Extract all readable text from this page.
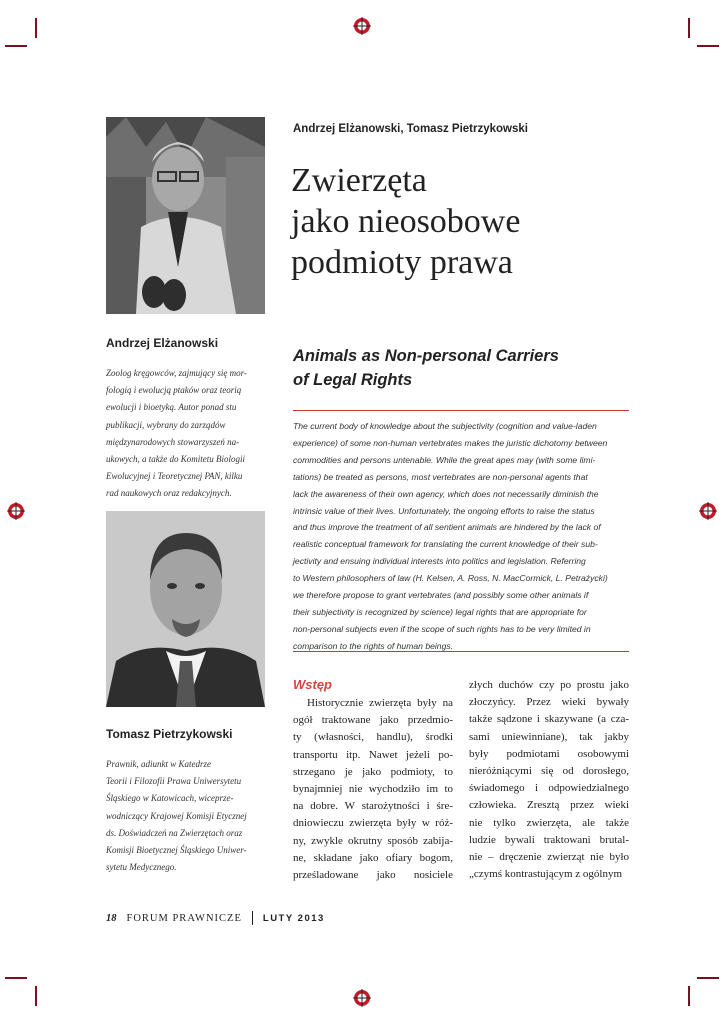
Andrzej Elżanowski, Tomasz Pietrzykowski
Zwierzęta
jako nieosobowe
podmioty prawa
Andrzej Elżanowski
Zoolog kręgowców, zajmujący się mor-
fologią i ewolucją ptaków oraz teorią
ewolucji i bioetyką. Autor ponad stu
publikacji, wybrany do zarządów
międzynarodowych stowarzyszeń na-
ukowych, a także do Komitetu Biologii
Ewolucyjnej i Teoretycznej PAN, kilku
rad naukowych oraz redakcyjnych.
Tomasz Pietrzykowski
Prawnik, adiunkt w Katedrze
Teorii i Filozofii Prawa Uniwersytetu
Śląskiego w Katowicach, wiceprze-
wodniczący Krajowej Komisji Etycznej
ds. Doświadczeń na Zwierzętach oraz
Komisji Bioetycznej Śląskiego Uniwer-
sytetu Medycznego.
Animals as Non-personal Carriers
of Legal Rights
The current body of knowledge about the subjectivity (cognition and value-laden
experience) of some non-human vertebrates makes the juristic dichotomy between
commodities and persons untenable. While the great apes may (with some limi-
tations) be treated as persons, most vertebrates are non-personal agents that
lack the awareness of their own agency, which does not necessarily diminish the
intrinsic value of their lives. Unfortunately, the ongoing efforts to raise the status
and thus improve the treatment of all sentient animals are hindered by the lack of
realistic conceptual framework for translating the current knowledge of their sub-
jectivity and ensuing individual interests into politics and legislation. Referring
to Western philosophers of law (H. Kelsen, A. Ross, N. MacCormick, L. Petrażycki)
we therefore propose to grant vertebrates (and possibly some other animals if
their subjectivity is recognized by science) legal rights that are appropriate for
non-personal subjects even if the scope of such rights has to be very limited in
comparison to the rights of human beings.
Wstęp

Historycznie zwierzęta były na

ogół traktowane jako przedmio-

ty (własności, handlu), środki

transportu itp. Nawet jeżeli po-

strzegano je jako podmioty, to

bynajmniej nie wychodziło im to

na dobre. W starożytności i śre-

dniowieczu zwierzęta były w róż-

ny, zwykle okrutny sposób zabija-

ne, składane jako ofiary bogom,

prześladowane jako nosiciele

złych duchów czy po prostu jako

złoczyńcy. Przez wieki bywały

także sądzone i skazywane (a cza-

sami uniewinniane), tak jakby

były podmiotami osobowymi

nieróżniącymi się od dorosłego,

świadomego i odpowiedzialnego

człowieka. Zresztą przez wieki

nie tylko zwierzęta, ale także

ludzie bywali traktowani brutal-

nie – dręczenie zwierząt nie było

„czymś kontrastującym z ogólnym

18 FORUM PRAWNICZE LUTY 2013
